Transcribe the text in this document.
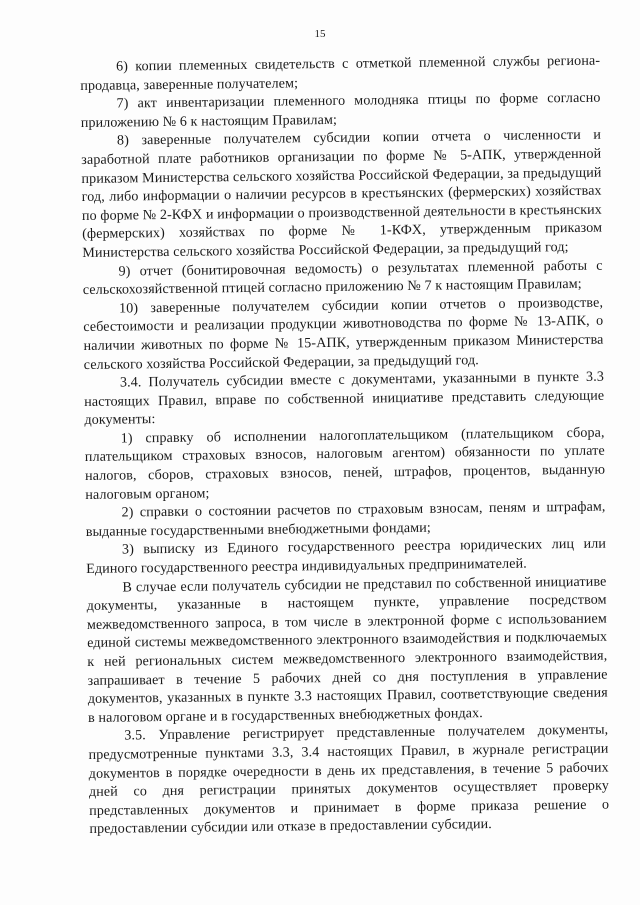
15

6) копии племенных свидетельств с отметкой племенной службы региона-продавца, заверенные получателем;

7) акт инвентаризации племенного молодняка птицы по форме согласно приложению № 6 к настоящим Правилам;

8) заверенные получателем субсидии копии отчета о численности и заработной плате работников организации по форме № 5-АПК, утвержденной приказом Министерства сельского хозяйства Российской Федерации, за предыдущий год, либо информации о наличии ресурсов в крестьянских (фермерских) хозяйствах по форме № 2-КФХ и информации о производственной деятельности в крестьянских (фермерских) хозяйствах по форме № 1-КФХ, утвержденным приказом Министерства сельского хозяйства Российской Федерации, за предыдущий год;

9) отчет (бонитировочная ведомость) о результатах племенной работы с сельскохозяйственной птицей согласно приложению № 7 к настоящим Правилам;

10) заверенные получателем субсидии копии отчетов о производстве, себестоимости и реализации продукции животноводства по форме № 13-АПК, о наличии животных по форме № 15-АПК, утвержденным приказом Министерства сельского хозяйства Российской Федерации, за предыдущий год.

3.4. Получатель субсидии вместе с документами, указанными в пункте 3.3 настоящих Правил, вправе по собственной инициативе представить следующие документы:

1) справку об исполнении налогоплательщиком (плательщиком сбора, плательщиком страховых взносов, налоговым агентом) обязанности по уплате налогов, сборов, страховых взносов, пеней, штрафов, процентов, выданную налоговым органом;

2) справки о состоянии расчетов по страховым взносам, пеням и штрафам, выданные государственными внебюджетными фондами;

3) выписку из Единого государственного реестра юридических лиц или Единого государственного реестра индивидуальных предпринимателей.

В случае если получатель субсидии не представил по собственной инициативе документы, указанные в настоящем пункте, управление посредством межведомственного запроса, в том числе в электронной форме с использованием единой системы межведомственного электронного взаимодействия и подключаемых к ней региональных систем межведомственного электронного взаимодействия, запрашивает в течение 5 рабочих дней со дня поступления в управление документов, указанных в пункте 3.3 настоящих Правил, соответствующие сведения в налоговом органе и в государственных внебюджетных фондах.

3.5. Управление регистрирует представленные получателем документы, предусмотренные пунктами 3.3, 3.4 настоящих Правил, в журнале регистрации документов в порядке очередности в день их представления, в течение 5 рабочих дней со дня регистрации принятых документов осуществляет проверку представленных документов и принимает в форме приказа решение о предоставлении субсидии или отказе в предоставлении субсидии.
